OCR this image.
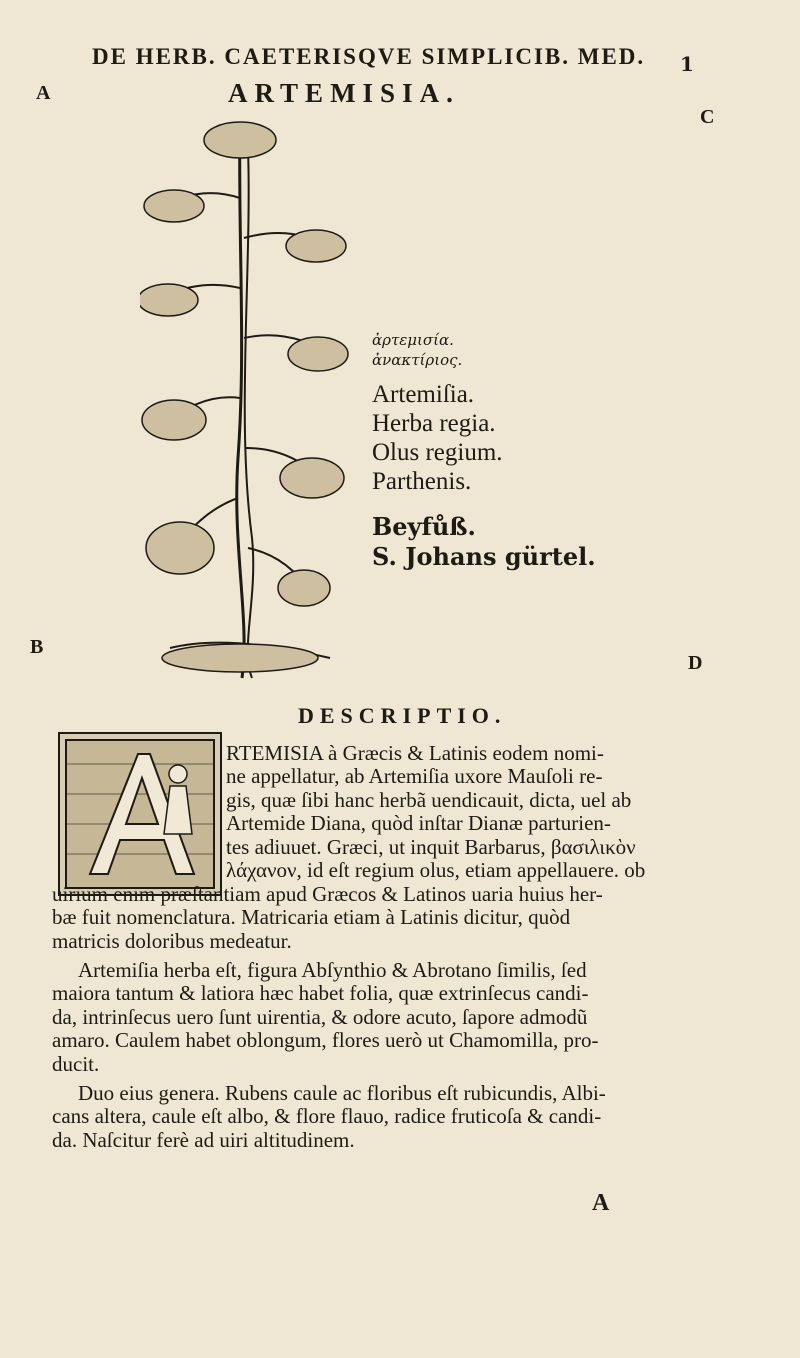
DE HERB. CAETERISQVE SIMPLICIB. MED.	1
A
C
B
D
ARTEMISIA.
ἀρτεμισία.
ἀνακτίριος.
Artemiſia.
Herba regia.
Olus regium.
Parthenis.
Beyfůß.
S. Johans gürtel.
DESCRIPTIO.
RTEMISIA à Græcis & Latinis eodem nomi-
ne appellatur, ab Artemiſia uxore Mauſoli re-
gis, quæ ſibi hanc herbã uendicauit, dicta, uel ab
Artemide Diana, quòd inſtar Dianæ parturien-
tes adiuuet. Græci, ut inquit Barbarus, βασιλικὸν
λάχανον, id eſt regium olus, etiam appellauere. ob
uirium enim præſtantiam apud Græcos & Latinos uaria huius her-
bæ fuit nomenclatura. Matricaria etiam à Latinis dicitur, quòd
matricis doloribus medeatur.
Artemiſia herba eſt, figura Abſynthio & Abrotano ſimilis, ſed
maiora tantum & latiora hæc habet folia, quæ extrinſecus candi-
da, intrinſecus uero ſunt uirentia, & odore acuto, ſapore admodũ
amaro. Caulem habet oblongum, flores uerò ut Chamomilla, pro-
ducit.
Duo eius genera. Rubens caule ac floribus eſt rubicundis, Albi-
cans altera, caule eſt albo, & flore flauo, radice fruticoſa & candi-
da. Naſcitur ferè ad uiri altitudinem.
A
